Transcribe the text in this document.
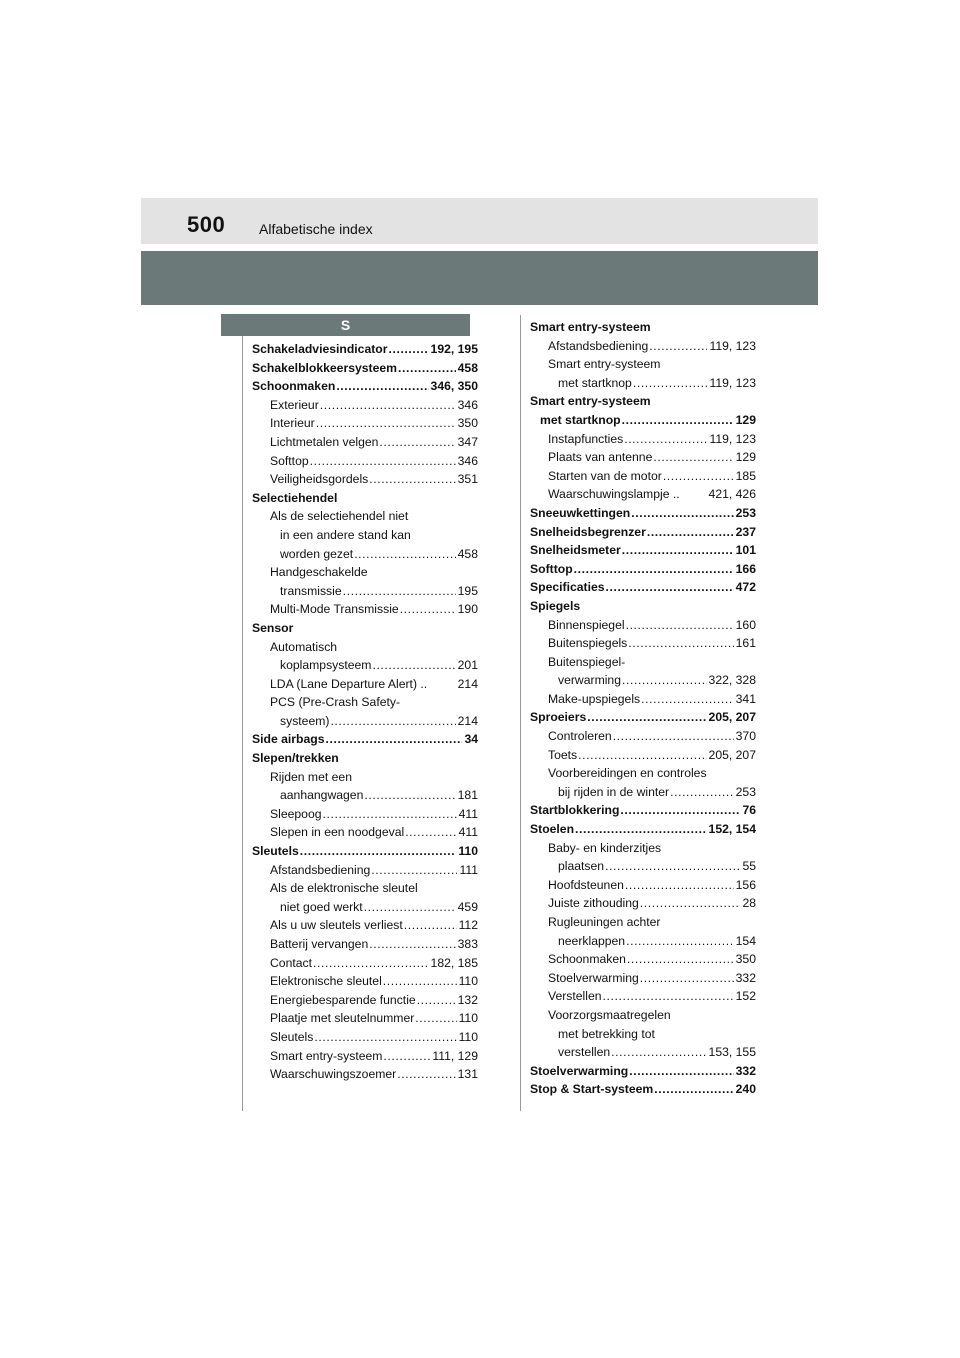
500 Alfabetische index
S
Schakeladviesindicator .....	192, 195
Schakelblokkeersysteem .....	458
Schoonmaken .....	346, 350
Exterieur .....	346
Interieur .....	350
Lichtmetalen velgen .....	347
Softtop .....	346
Veiligheidsgordels .....	351
Selectiehendel
Als de selectiehendel niet
in een andere stand kan
worden gezet .....	458
Handgeschakelde
transmissie .....	195
Multi-Mode Transmissie .....	190
Sensor
Automatisch
koplampsysteem .....	201
LDA (Lane Departure Alert) .. 214
PCS (Pre-Crash Safety-
systeem) .....	214
Side airbags .....	34
Slepen/trekken
Rijden met een
aanhangwagen .....	181
Sleepoog .....	411
Slepen in een noodgeval .....	411
Sleutels .....	110
Afstandsbediening .....	111
Als de elektronische sleutel
niet goed werkt .....	459
Als u uw sleutels verliest .....	112
Batterij vervangen .....	383
Contact .....	182, 185
Elektronische sleutel .....	110
Energiebesparende functie .....	132
Plaatje met sleutelnummer .....	110
Sleutels .....	110
Smart entry-systeem .....	111, 129
Waarschuwingszoemer .....	131
Smart entry-systeem
Afstandsbediening .....	119, 123
Smart entry-systeem
met startknop .....	119, 123
Smart entry-systeem
met startknop .....	129
Instapfuncties .....	119, 123
Plaats van antenne .....	129
Starten van de motor .....	185
Waarschuwingslampje .. 421, 426
Sneeuwkettingen .....	253
Snelheidsbegrenzer .....	237
Snelheidsmeter .....	101
Softtop .....	166
Specificaties .....	472
Spiegels
Binnenspiegel .....	160
Buitenspiegels .....	161
Buitenspiegel-
verwarming .....	322, 328
Make-upspiegels .....	341
Sproeiers .....	205, 207
Controleren .....	370
Toets .....	205, 207
Voorbereidingen en controles
bij rijden in de winter .....	253
Startblokkering .....	76
Stoelen .....	152, 154
Baby- en kinderzitjes
plaatsen .....	55
Hoofdsteunen .....	156
Juiste zithouding .....	28
Rugleuningen achter
neerklappen .....	154
Schoonmaken .....	350
Stoelverwarming .....	332
Verstellen .....	152
Voorzorgsmaatregelen
met betrekking tot
verstellen .....	153, 155
Stoelverwarming .....	332
Stop & Start-systeem .....	240
